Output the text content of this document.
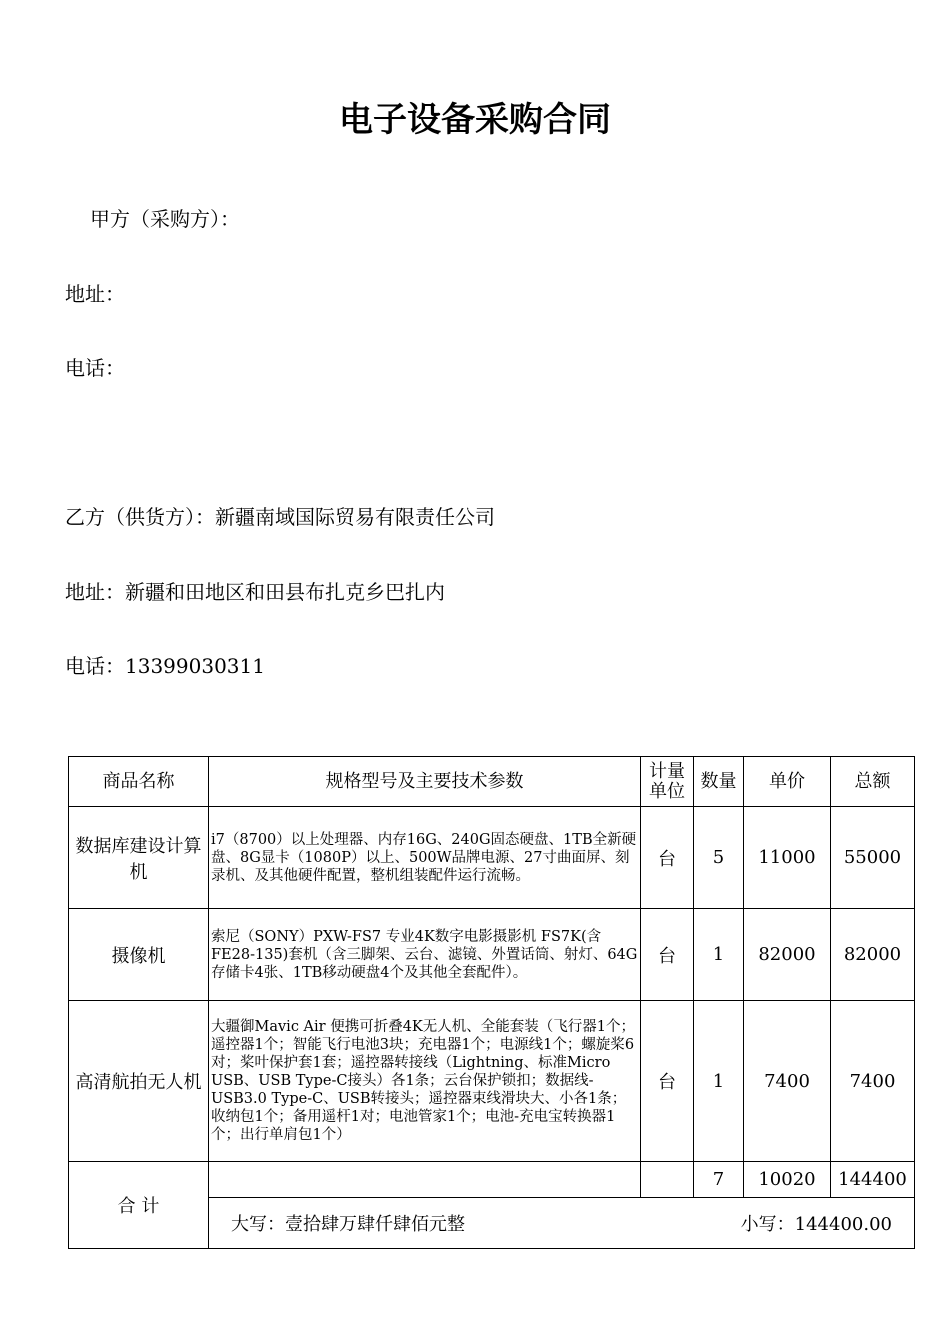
电子设备采购合同
甲方（采购方）：
地址：
电话：
乙方（供货方）：新疆南域国际贸易有限责任公司
地址：新疆和田地区和田县布扎克乡巴扎内
电话：13399030311
商品名称	规格型号及主要技术参数	计量单位	数量	单价	总额
数据库建设计算机	i7（8700）以上处理器、内存16G、240G固态硬盘、1TB全新硬盘、8G显卡（1080P）以上、500W品牌电源、27寸曲面屏、刻录机、及其他硬件配置，整机组装配件运行流畅。	台	5	11000	55000
摄像机	索尼（SONY）PXW-FS7 专业4K数字电影摄影机 FS7K(含FE28-135)套机（含三脚架、云台、滤镜、外置话筒、射灯、64G存储卡4张、1TB移动硬盘4个及其他全套配件）。	台	1	82000	82000
高清航拍无人机	大疆御Mavic Air 便携可折叠4K无人机、全能套装（飞行器1个；遥控器1个；智能飞行电池3块；充电器1个；电源线1个；螺旋桨6对；桨叶保护套1套；遥控器转接线（Lightning、标准Micro USB、USB Type-C接头）各1条；云台保护锁扣；数据线-USB3.0 Type-C、USB转接头；遥控器束线滑块大、小各1条；收纳包1个；备用遥杆1对；电池管家1个；电池-充电宝转换器1个；出行单肩包1个）	台	1	7400	7400
合 计			7	10020	144400

	大写：壹拾肆万肆仟肆佰元整 小写：144400.00				
